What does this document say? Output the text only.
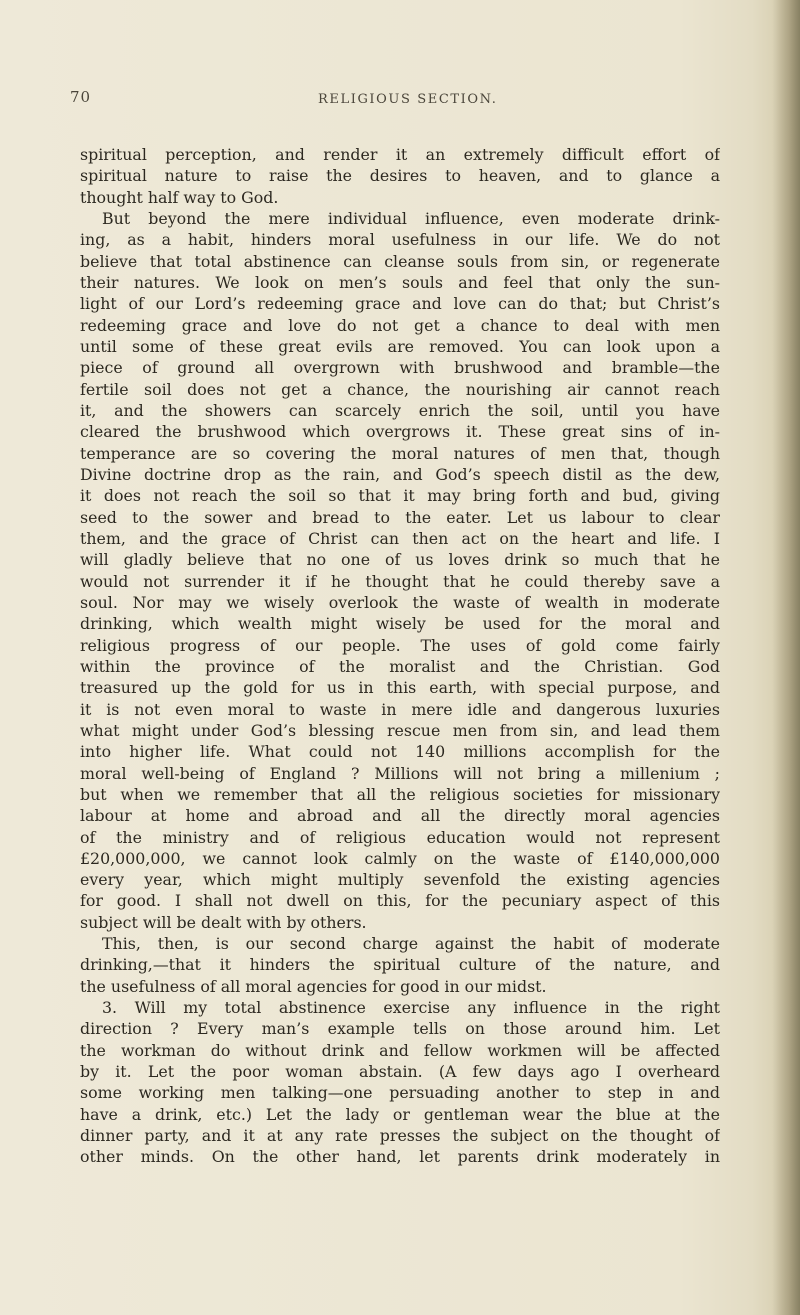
70	RELIGIOUS SECTION.
spiritual perception, and render it an extremely difficult effort of
spiritual nature to raise the desires to heaven, and to glance a
thought half way to God.
But beyond the mere individual influence, even moderate drink-
ing, as a habit, hinders moral usefulness in our life. We do not
believe that total abstinence can cleanse souls from sin, or regenerate
their natures. We look on men’s souls and feel that only the sun-
light of our Lord’s redeeming grace and love can do that; but Christ’s
redeeming grace and love do not get a chance to deal with men
until some of these great evils are removed. You can look upon a
piece of ground all overgrown with brushwood and bramble—the
fertile soil does not get a chance, the nourishing air cannot reach
it, and the showers can scarcely enrich the soil, until you have
cleared the brushwood which overgrows it. These great sins of in-
temperance are so covering the moral natures of men that, though
Divine doctrine drop as the rain, and God’s speech distil as the dew,
it does not reach the soil so that it may bring forth and bud, giving
seed to the sower and bread to the eater. Let us labour to clear
them, and the grace of Christ can then act on the heart and life. I
will gladly believe that no one of us loves drink so much that he
would not surrender it if he thought that he could thereby save a
soul. Nor may we wisely overlook the waste of wealth in moderate
drinking, which wealth might wisely be used for the moral and
religious progress of our people. The uses of gold come fairly
within the province of the moralist and the Christian. God
treasured up the gold for us in this earth, with special purpose, and
it is not even moral to waste in mere idle and dangerous luxuries
what might under God’s blessing rescue men from sin, and lead them
into higher life. What could not 140 millions accomplish for the
moral well-being of England ? Millions will not bring a millenium ;
but when we remember that all the religious societies for missionary
labour at home and abroad and all the directly moral agencies
of the ministry and of religious education would not represent
£20,000,000, we cannot look calmly on the waste of £140,000,000
every year, which might multiply sevenfold the existing agencies
for good. I shall not dwell on this, for the pecuniary aspect of this
subject will be dealt with by others.
This, then, is our second charge against the habit of moderate
drinking,—that it hinders the spiritual culture of the nature, and
the usefulness of all moral agencies for good in our midst.
3. Will my total abstinence exercise any influence in the right
direction ? Every man’s example tells on those around him. Let
the workman do without drink and fellow workmen will be affected
by it. Let the poor woman abstain. (A few days ago I overheard
some working men talking—one persuading another to step in and
have a drink, etc.) Let the lady or gentleman wear the blue at the
dinner party, and it at any rate presses the subject on the thought of
other minds. On the other hand, let parents drink moderately in
